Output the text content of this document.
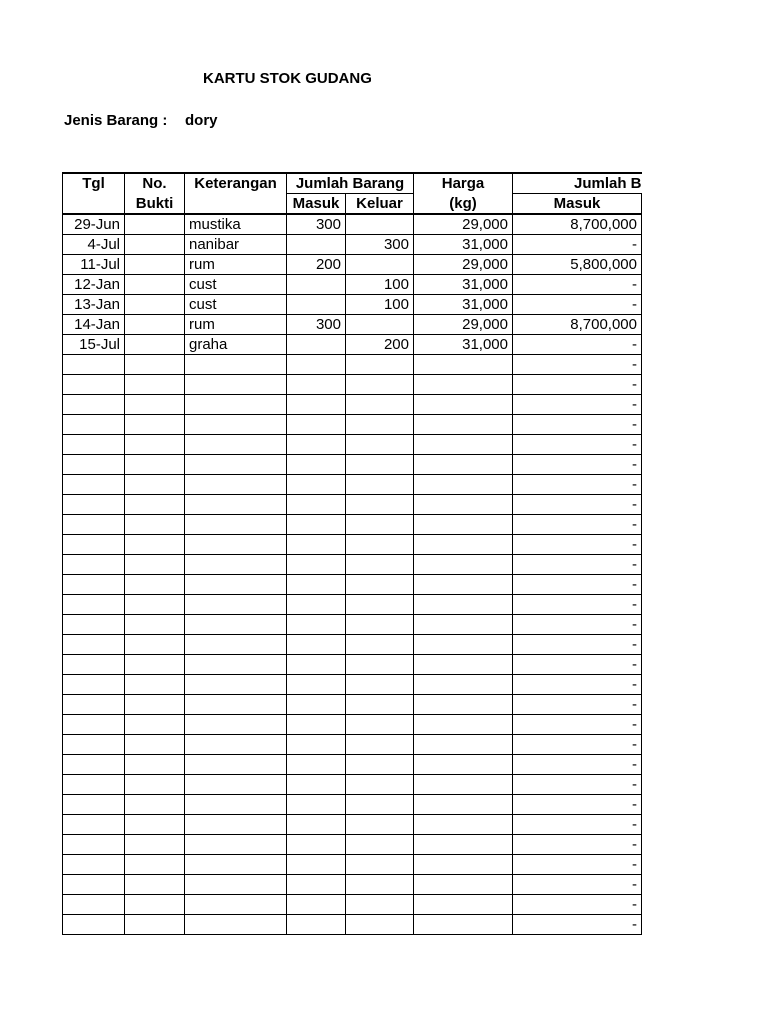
KARTU STOK GUDANG
Jenis Barang : dory
Tgl	No.	Keterangan	Jumlah Barang		Harga	Jumlah B
	Bukti		Masuk	Keluar	(kg)	Masuk
29-Jun		mustika	300		29,000	8,700,000
4-Jul		nanibar		300	31,000	-
11-Jul		rum	200		29,000	5,800,000
12-Jan		cust		100	31,000	-
13-Jan		cust		100	31,000	-
14-Jan		rum	300		29,000	8,700,000
15-Jul		graha		200	31,000	-
						-
						-
						-
						-
						-
						-
						-
						-
						-
						-
						-
						-
						-
						-
						-
						-
						-
						-
						-
						-
						-
						-
						-
						-
						-
						-
						-
						-
						-
